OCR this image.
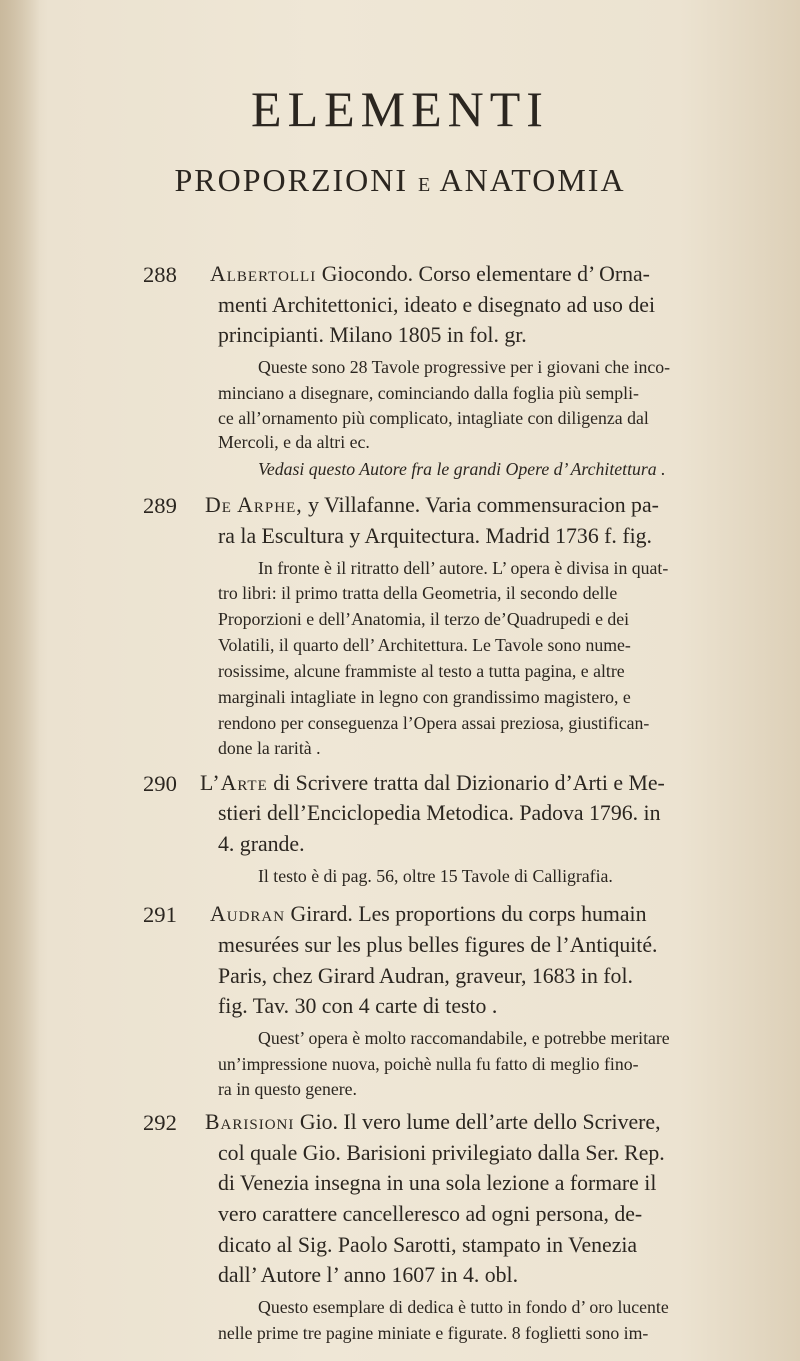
ELEMENTI
PROPORZIONI E ANATOMIA
288 Albertolli Giocondo. Corso elementare d’ Orna-
menti Architettonici, ideato e disegnato ad uso dei
principianti. Milano 1805 in fol. gr.
Queste sono 28 Tavole progressive per i giovani che inco-
minciano a disegnare, cominciando dalla foglia più sempli-
ce all’ornamento più complicato, intagliate con diligenza dal
Mercoli, e da altri ec.
Vedasi questo Autore fra le grandi Opere d’ Architettura .
289 De Arphe, y Villafanne. Varia commensuracion pa-
ra la Escultura y Arquitectura. Madrid 1736 f. fig.
In fronte è il ritratto dell’ autore. L’ opera è divisa in quat-
tro libri: il primo tratta della Geometria, il secondo delle
Proporzioni e dell’Anatomia, il terzo de’Quadrupedi e dei
Volatili, il quarto dell’ Architettura. Le Tavole sono nume-
rosissime, alcune frammiste al testo a tutta pagina, e altre
marginali intagliate in legno con grandissimo magistero, e
rendono per conseguenza l’Opera assai preziosa, giustifican-
done la rarità .
290 L’Arte di Scrivere tratta dal Dizionario d’Arti e Me-
stieri dell’Enciclopedia Metodica. Padova 1796. in
4. grande.
Il testo è di pag. 56, oltre 15 Tavole di Calligrafia.
291 Audran Girard. Les proportions du corps humain
mesurées sur les plus belles figures de l’Antiquité.
Paris, chez Girard Audran, graveur, 1683 in fol.
fig. Tav. 30 con 4 carte di testo .
Quest’ opera è molto raccomandabile, e potrebbe meritare
un’impressione nuova, poichè nulla fu fatto di meglio fino-
ra in questo genere.
292 Barisioni Gio. Il vero lume dell’arte dello Scrivere,
col quale Gio. Barisioni privilegiato dalla Ser. Rep.
di Venezia insegna in una sola lezione a formare il
vero carattere cancelleresco ad ogni persona, de-
dicato al Sig. Paolo Sarotti, stampato in Venezia
dall’ Autore l’ anno 1607 in 4. obl.
Questo esemplare di dedica è tutto in fondo d’ oro lucente
nelle prime tre pagine miniate e figurate. 8 foglietti sono im-
